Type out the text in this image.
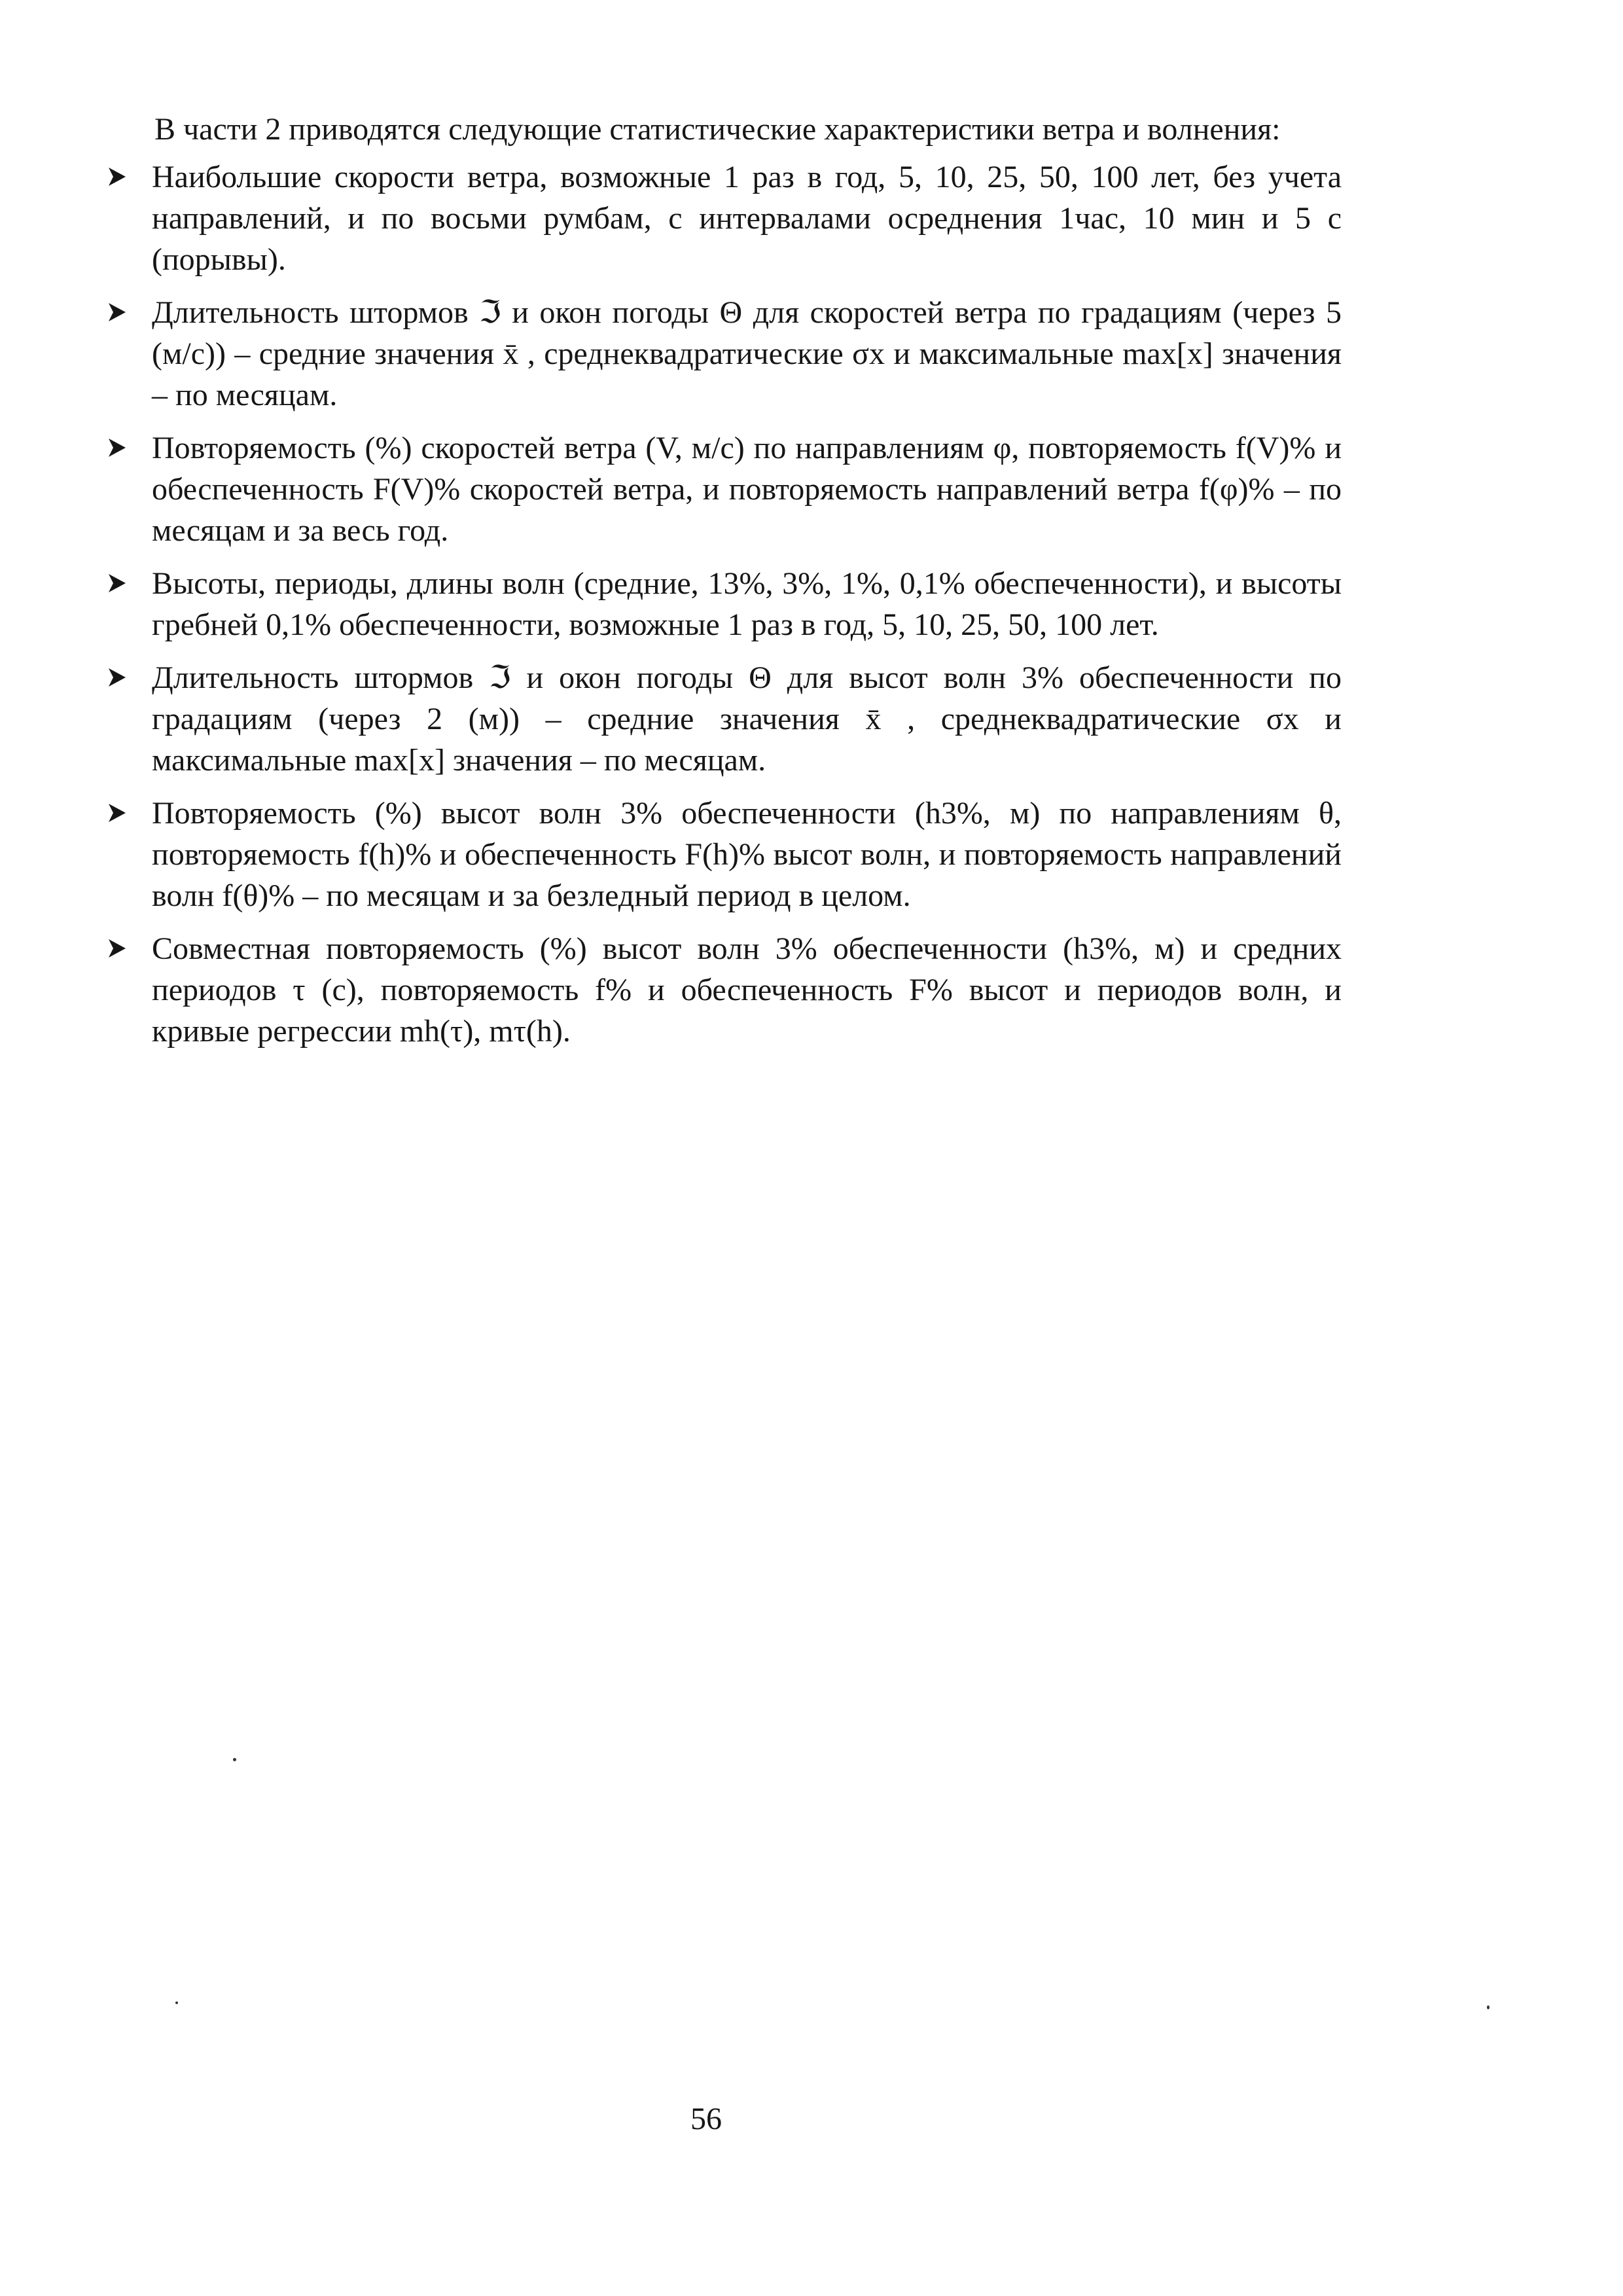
В части 2 приводятся следующие статистические характеристики ветра и волнения:

Наибольшие скорости ветра, возможные 1 раз в год, 5, 10, 25, 50, 100 лет, без учета направлений, и по восьми румбам, с интервалами осреднения 1час, 10 мин и 5 с (порывы).
Длительность штормов ℑ и окон погоды Θ для скоростей ветра по градациям (через 5 (м/с)) – средние значения x̄ , среднеквадратические σx и максимальные max[x] значения – по месяцам.
Повторяемость (%) скоростей ветра (V, м/с) по направлениям φ, повторяемость f(V)% и обеспеченность F(V)% скоростей ветра, и повторяемость направлений ветра f(φ)% – по месяцам и за весь год.
Высоты, периоды, длины волн (средние, 13%, 3%, 1%, 0,1% обеспеченности), и высоты гребней 0,1% обеспеченности, возможные 1 раз в год, 5, 10, 25, 50, 100 лет.
Длительность штормов ℑ и окон погоды Θ для высот волн 3% обеспеченности по градациям (через 2 (м)) – средние значения x̄ , среднеквадратические σx и максимальные max[x] значения – по месяцам.
Повторяемость (%) высот волн 3% обеспеченности (h3%, м) по направлениям θ, повторяемость f(h)% и обеспеченность F(h)% высот волн, и повторяемость направлений волн f(θ)% – по месяцам и за безледный период в целом.
Совместная повторяемость (%) высот волн 3% обеспеченности (h3%, м) и средних периодов τ (с), повторяемость f% и обеспеченность F% высот и периодов волн, и кривые регрессии mh(τ), mτ(h).
56
